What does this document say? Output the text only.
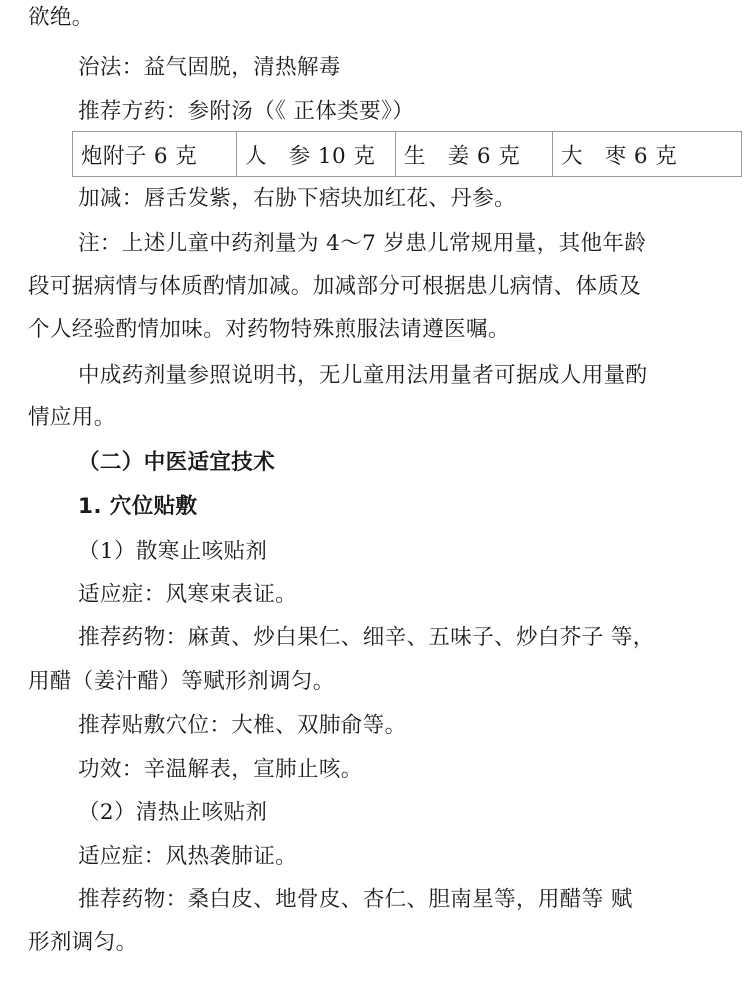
欲绝。
治法：益气固脱，清热解毒
推荐方药：参附汤（《 正体类要》）
炮附子 6 克	人　参 10 克	生　姜 6 克	大　枣 6 克
加减：唇舌发紫，右胁下痞块加红花、丹参。
注：上述儿童中药剂量为 4～7 岁患儿常规用量，其他年龄
段可据病情与体质酌情加减。加减部分可根据患儿病情、体质及
个人经验酌情加味。对药物特殊煎服法请遵医嘱。
中成药剂量参照说明书，无儿童用法用量者可据成人用量酌
情应用。
（二）中医适宜技术
1. 穴位贴敷
（1）散寒止咳贴剂
适应症：风寒束表证。
推荐药物：麻黄、炒白果仁、细辛、五味子、炒白芥子 等，
用醋（姜汁醋）等赋形剂调匀。
推荐贴敷穴位：大椎、双肺俞等。
功效：辛温解表，宣肺止咳。
（2）清热止咳贴剂
适应症：风热袭肺证。
推荐药物：桑白皮、地骨皮、杏仁、胆南星等，用醋等 赋
形剂调匀。
